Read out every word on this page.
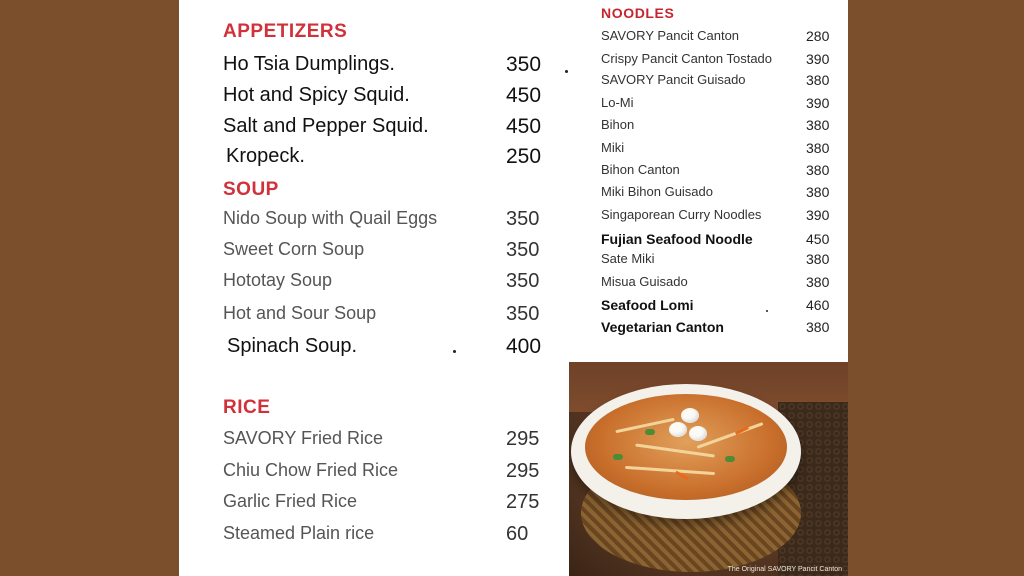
APPETIZERS
Ho Tsia Dumplings.	350
Hot and Spicy Squid.	450
Salt and Pepper Squid.	450
Kropeck.	250
SOUP
Nido Soup with Quail Eggs	350
Sweet Corn Soup	350
Hototay Soup	350
Hot and Sour Soup	350
Spinach Soup.	400
RICE
SAVORY Fried Rice	295
Chiu Chow Fried Rice	295
Garlic Fried Rice	275
Steamed Plain rice	60
NOODLES
SAVORY Pancit Canton	280
Crispy Pancit Canton Tostado 390
SAVORY Pancit Guisado	380
Lo-Mi	390
Bihon	380
Miki	380
Bihon Canton	380
Miki Bihon Guisado	380
Singaporean Curry Noodles	390
Fujian Seafood Noodle	450
Sate Miki	380
Misua Guisado	380
Seafood Lomi	460
Vegetarian Canton	380
The Original SAVORY Pancit Canton
